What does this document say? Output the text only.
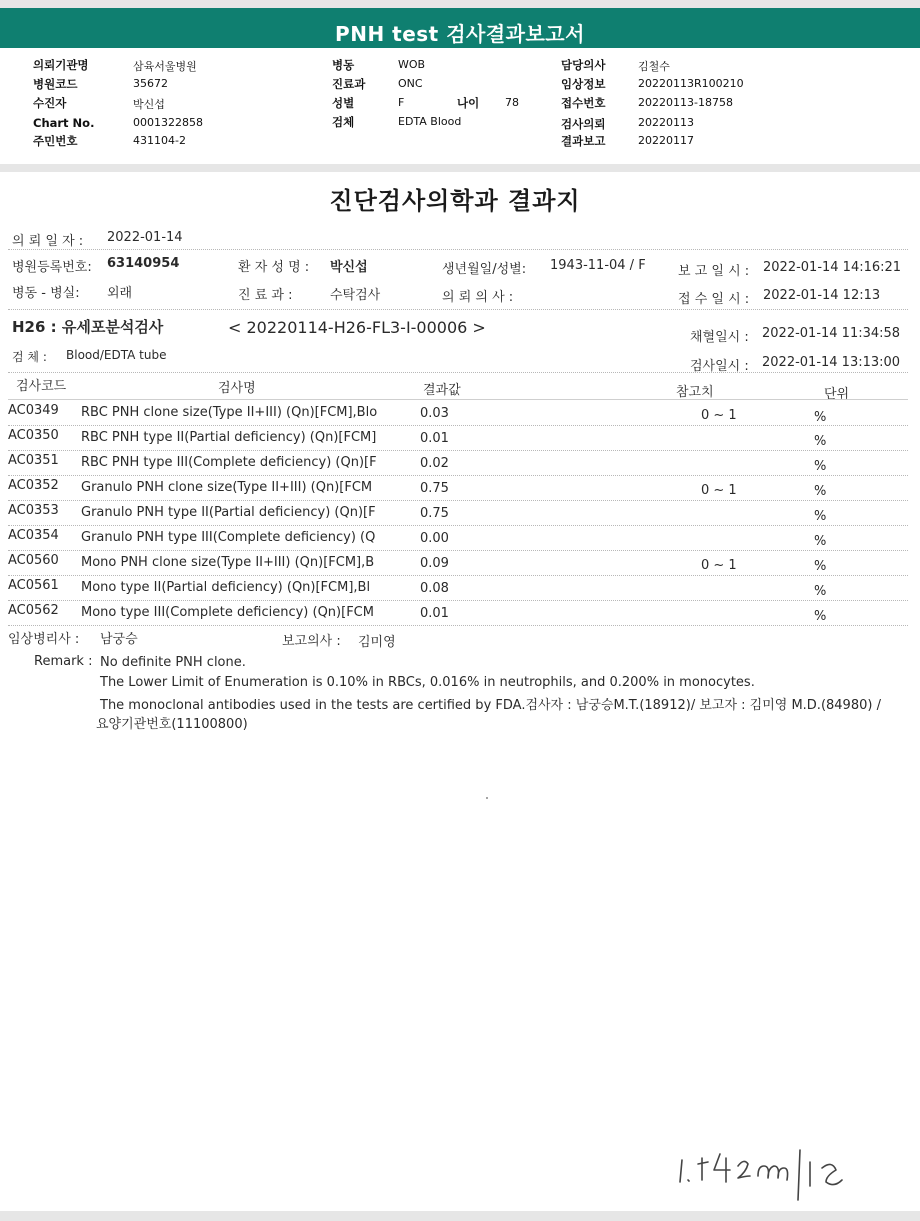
PNH test 검사결과보고서
의뢰기관명	삼육서울병원
병원코드	35672
수진자	박신섭
Chart No.	0001322858
주민번호	431104-2
병동	WOB
진료과	ONC
성별	F	나이 78
검체	EDTA Blood
담당의사	김철수
임상정보	20220113R100210
접수번호	20220113-18758
검사의뢰	20220113
결과보고	20220117
진단검사의학과 결과지
의 뢰 일 자 : 2022-01-14
병원등록번호: 63140954	환 자 성 명 : 박신섭	생년월일/성별: 1943-11-04 / F 보 고 일 시 : 2022-01-14 14:16:21
병동 - 병실: 외래	진 료 과 :	수탁검사	의 뢰 의 사 :	접 수 일 시 : 2022-01-14 12:13
H26 : 유세포분석검사	< 20220114-H26-FL3-I-00006 >
채혈일시 : 2022-01-14 11:34:58
검 체 : Blood/EDTA tube
검사일시 : 2022-01-14 13:13:00
검사코드	검사명	결과값	참고치	단위
AC0349 RBC PNH clone size(Type II+III) (Qn)[FCM],Blo	0.03	0 ~ 1	%
AC0350 RBC PNH type II(Partial deficiency) (Qn)[FCM]	0.01	%
AC0351 RBC PNH type III(Complete deficiency) (Qn)[F	0.02	%
AC0352 Granulo PNH clone size(Type II+III) (Qn)[FCM	0.75	0 ~ 1	%
AC0353 Granulo PNH type II(Partial deficiency) (Qn)[F	0.75	%
AC0354 Granulo PNH type III(Complete deficiency) (Q	0.00	%
AC0560 Mono PNH clone size(Type II+III) (Qn)[FCM],B	0.09	0 ~ 1	%
AC0561 Mono type II(Partial deficiency) (Qn)[FCM],Bl	0.08	%
AC0562 Mono type III(Complete deficiency) (Qn)[FCM	0.01	%
임상병리사 : 남궁승	보고의사 : 김미영
Remark : No definite PNH clone.
The Lower Limit of Enumeration is 0.10% in RBCs, 0.016% in neutrophils, and 0.200% in monocytes.
The monoclonal antibodies used in the tests are certified by FDA.검사자 : 남궁승M.T.(18912)/ 보고자 : 김미영 M.D.(84980) /
요양기관번호(11100800)
